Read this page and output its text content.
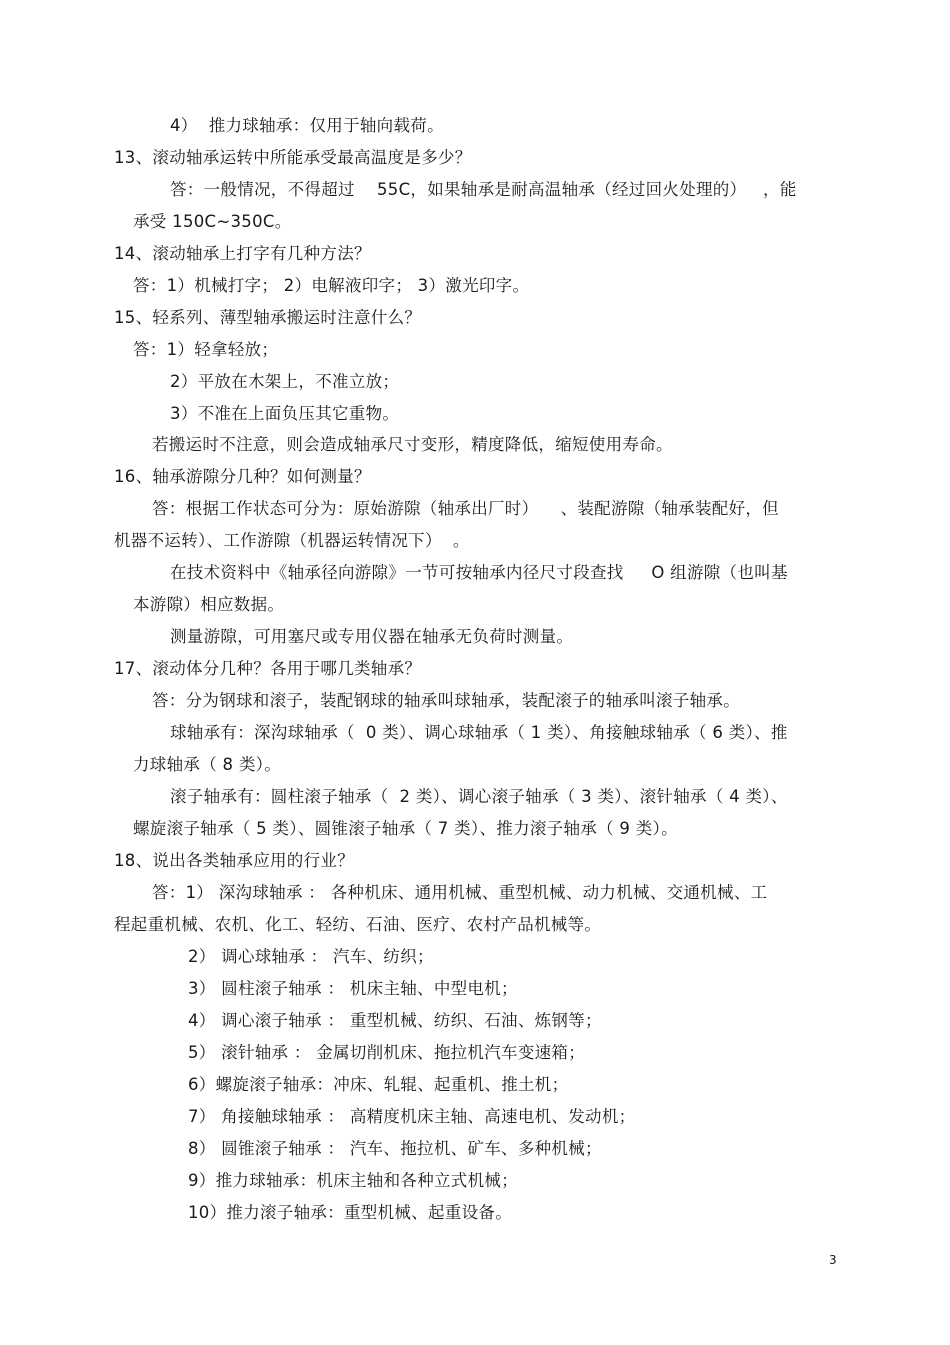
4）  推力球轴承：仅用于轴向载荷。
13、滚动轴承运转中所能承受最高温度是多少？
答：一般情况，不得超过    55C，如果轴承是耐高温轴承（经过回火处理的）   ，能
承受 150C~350C。
14、滚动轴承上打字有几种方法？
答：1）机械打字； 2）电解液印字； 3）激光印字。
15、轻系列、薄型轴承搬运时注意什么？
答：1）轻拿轻放；
2）平放在木架上，不准立放；
3）不准在上面负压其它重物。
若搬运时不注意，则会造成轴承尺寸变形，精度降低，缩短使用寿命。
16、轴承游隙分几种？如何测量？
答：根据工作状态可分为：原始游隙（轴承出厂时）    、装配游隙（轴承装配好，但
机器不运转）、工作游隙（机器运转情况下）  。
在技术资料中《轴承径向游隙》一节可按轴承内径尺寸段查找     O 组游隙（也叫基
本游隙）相应数据。
测量游隙，可用塞尺或专用仪器在轴承无负荷时测量。
17、滚动体分几种？各用于哪几类轴承？
答：分为钢球和滚子，装配钢球的轴承叫球轴承，装配滚子的轴承叫滚子轴承。
球轴承有：深沟球轴承（  0 类）、调心球轴承（ 1 类）、角接触球轴承（ 6 类）、推
力球轴承（ 8 类）。
滚子轴承有：圆柱滚子轴承（  2 类）、调心滚子轴承（ 3 类）、滚针轴承（ 4 类）、
螺旋滚子轴承（ 5 类）、圆锥滚子轴承（ 7 类）、推力滚子轴承（ 9 类）。
18、说出各类轴承应用的行业？
答：1） 深沟球轴承 ： 各种机床、通用机械、重型机械、动力机械、交通机械、工
程起重机械、农机、化工、轻纺、石油、医疗、农村产品机械等。
2） 调心球轴承 ： 汽车、纺织；
3） 圆柱滚子轴承 ： 机床主轴、中型电机；
4） 调心滚子轴承 ： 重型机械、纺织、石油、炼钢等；
5） 滚针轴承 ： 金属切削机床、拖拉机汽车变速箱；
6）螺旋滚子轴承：冲床、轧辊、起重机、推土机；
7） 角接触球轴承 ： 高精度机床主轴、高速电机、发动机；
8） 圆锥滚子轴承 ： 汽车、拖拉机、矿车、多种机械；
9）推力球轴承：机床主轴和各种立式机械；
10）推力滚子轴承：重型机械、起重设备。
3
